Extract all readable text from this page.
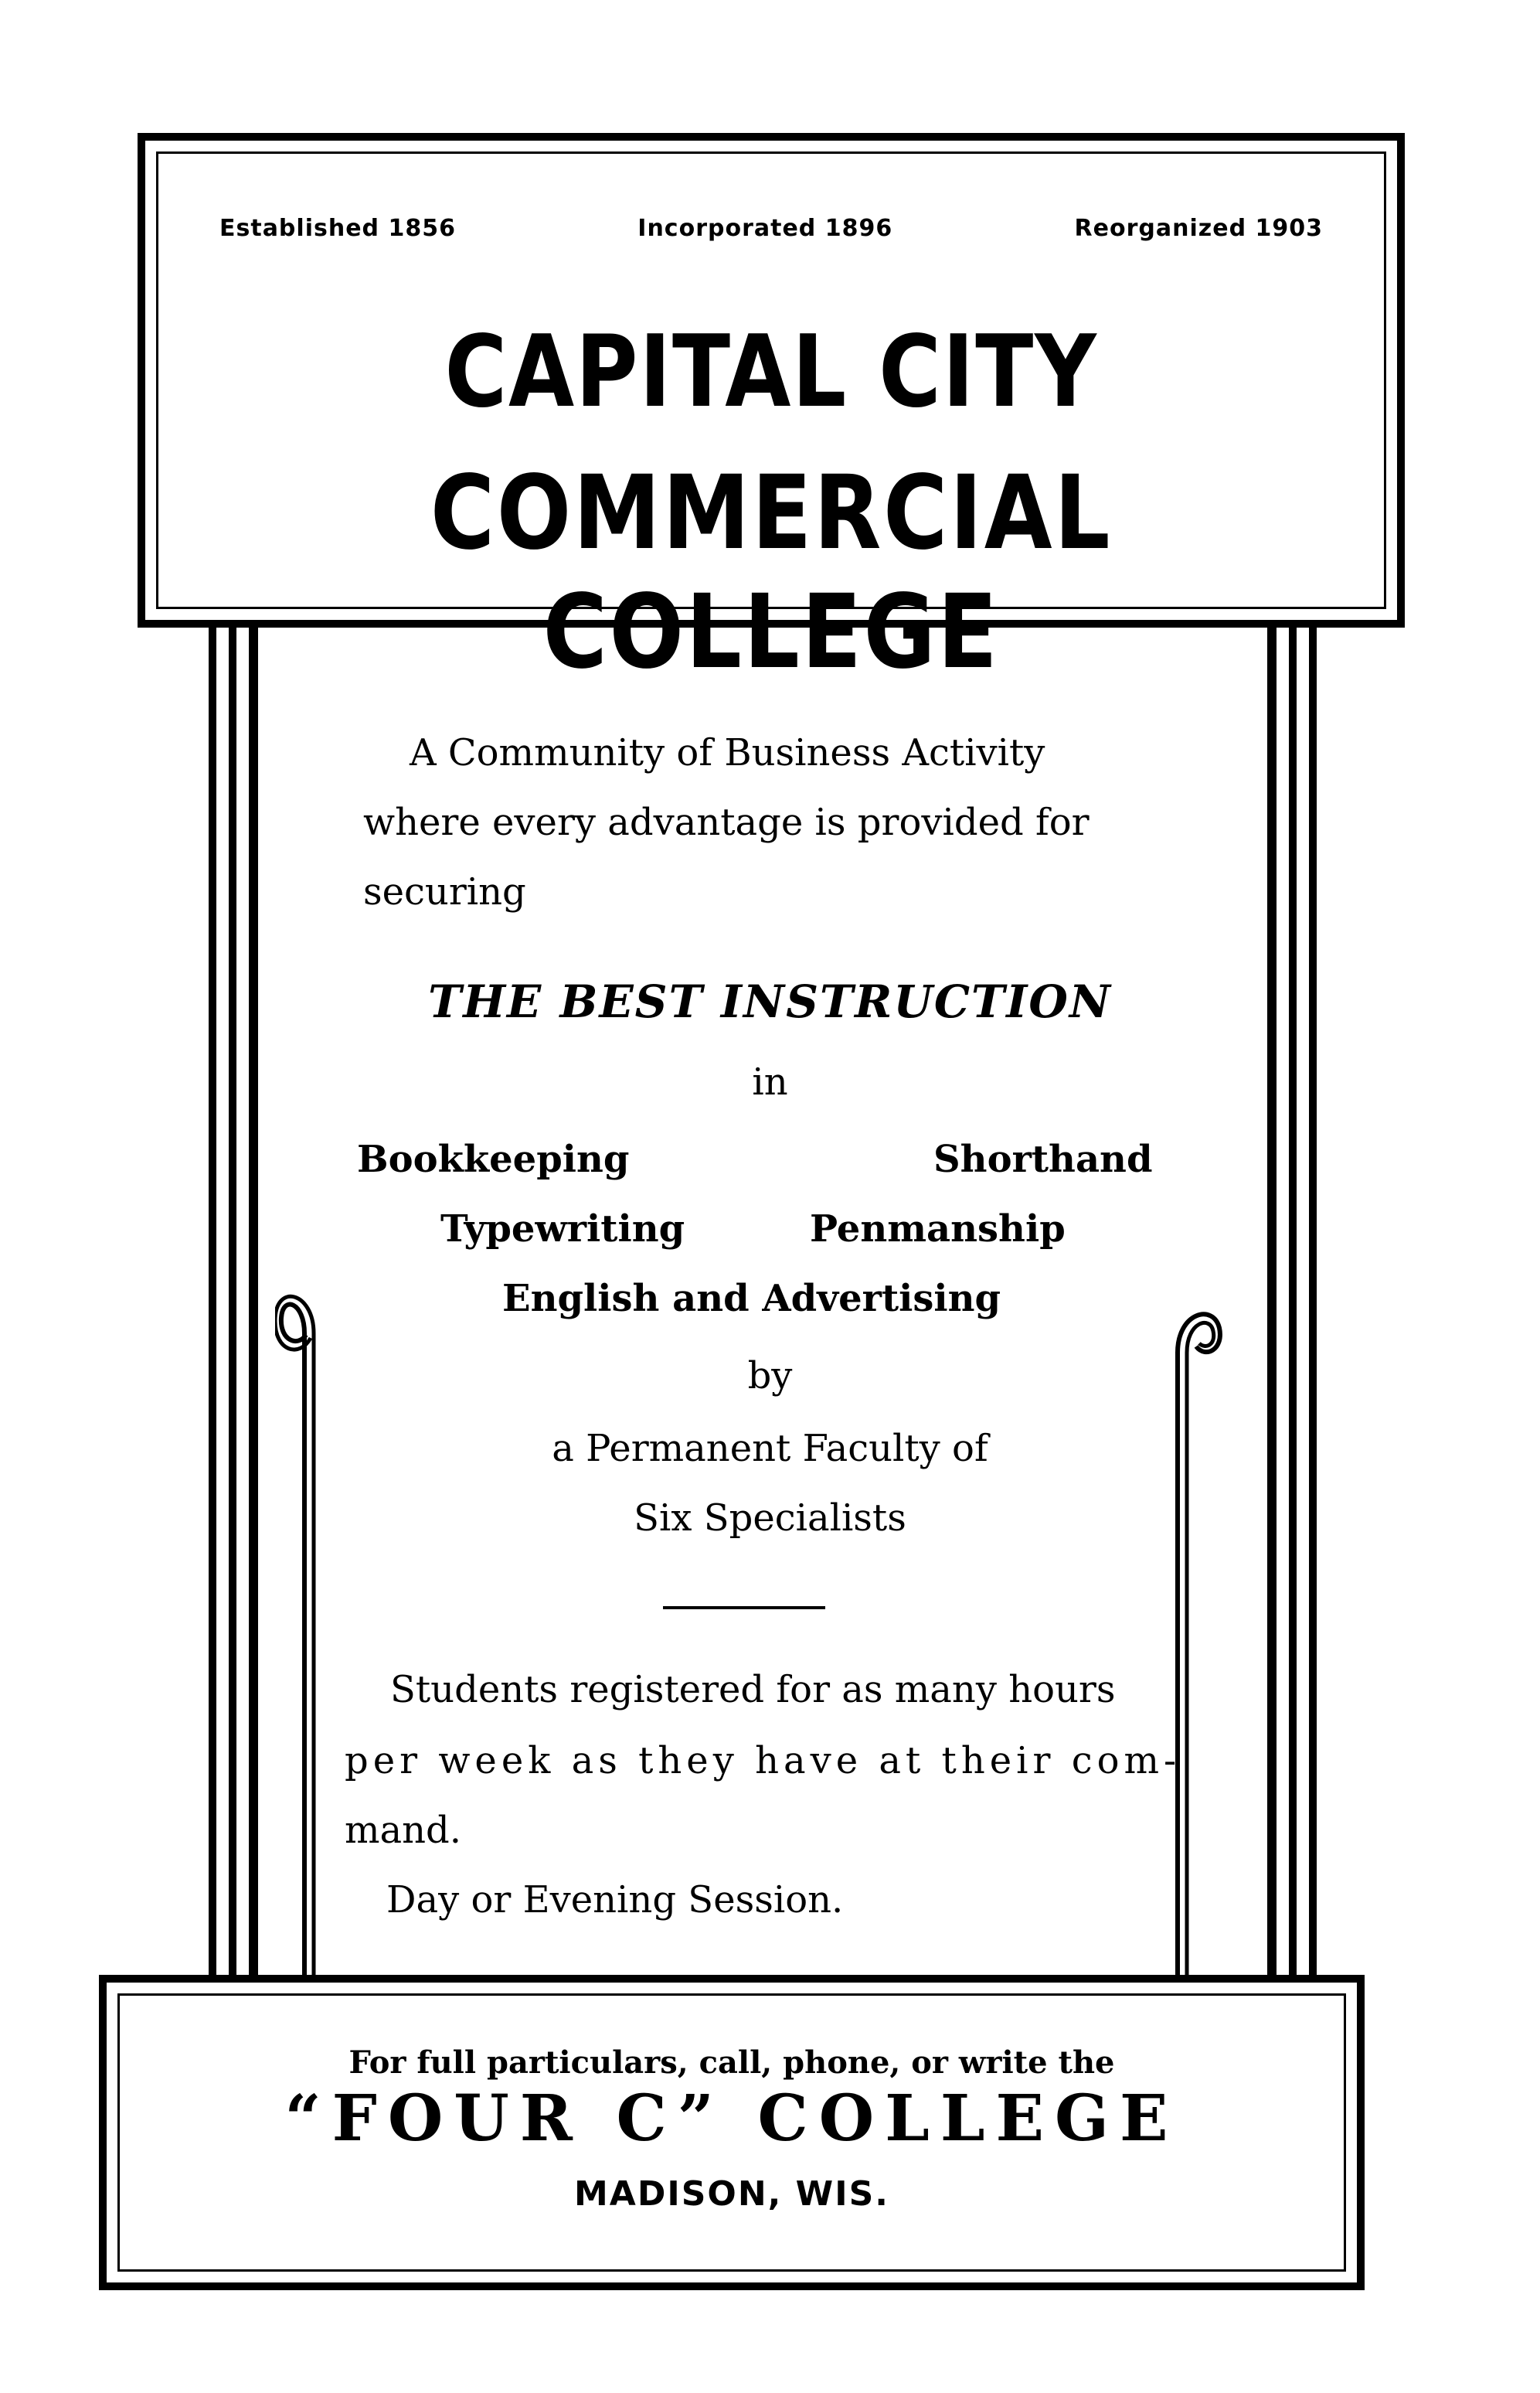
Established 1856	Incorporated 1896	Reorganized 1903
CAPITAL CITY
COMMERCIAL COLLEGE
A Community of Business Activity
where every advantage is provided for
securing
THE BEST INSTRUCTION
in
Bookkeeping	Shorthand
Typewriting	Penmanship
English and Advertising
by
a Permanent Faculty of
Six Specialists
Students registered for as many hours
per week as they have at their com-
mand.
Day or Evening Session.
For full particulars, call, phone, or write the
“FOUR C” COLLEGE
MADISON, WIS.
